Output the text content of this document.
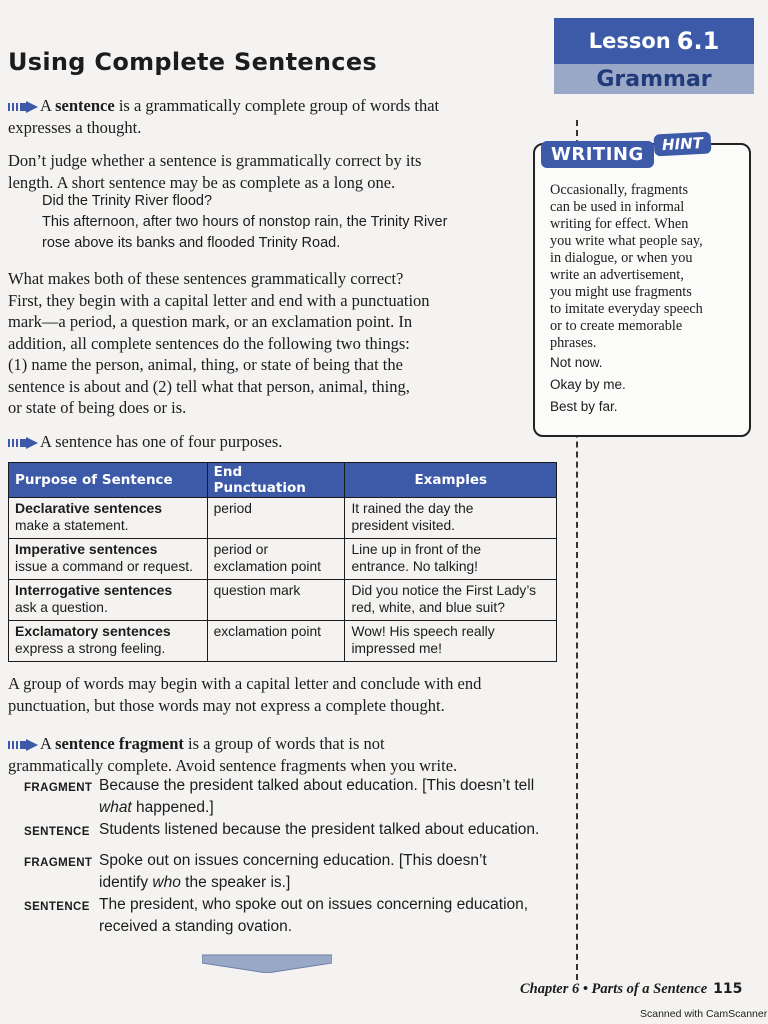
Lesson 6.1
Grammar
Using Complete Sentences
A sentence is a grammatically complete group of words that
expresses a thought.
Don’t judge whether a sentence is grammatically correct by its
length. A short sentence may be as complete as a long one.
Did the Trinity River flood?
This afternoon, after two hours of nonstop rain, the Trinity River
rose above its banks and flooded Trinity Road.
What makes both of these sentences grammatically correct?
First, they begin with a capital letter and end with a punctuation
mark—a period, a question mark, or an exclamation point. In
addition, all complete sentences do the following two things:
(1) name the person, animal, thing, or state of being that the
sentence is about and (2) tell what that person, animal, thing,
or state of being does or is.
A sentence has one of four purposes.
Purpose of Sentence	End Punctuation	Examples
Declarative sentences
make a statement.	period	It rained the day the
president visited.
Imperative sentences
issue a command or request.	period or
exclamation point	Line up in front of the
entrance. No talking!
Interrogative sentences
ask a question.	question mark	Did you notice the First Lady’s
red, white, and blue suit?
Exclamatory sentences
express a strong feeling.	exclamation point	Wow! His speech really
impressed me!
A group of words may begin with a capital letter and conclude with end
punctuation, but those words may not express a complete thought.
A sentence fragment is a group of words that is not
grammatically complete. Avoid sentence fragments when you write.
FRAGMENT Because the president talked about education. [This doesn’t tell
what happened.]
SENTENCE Students listened because the president talked about education.
FRAGMENT Spoke out on issues concerning education. [This doesn’t
identify who the speaker is.]
SENTENCE The president, who spoke out on issues concerning education,
received a standing ovation.
WRITING	HINT
Occasionally, fragments
can be used in informal
writing for effect. When
you write what people say,
in dialogue, or when you
write an advertisement,
you might use fragments
to imitate everyday speech
or to create memorable
phrases.
Not now.
Okay by me.
Best by far.
Chapter 6 • Parts of a Sentence 115
Scanned with CamScanner
